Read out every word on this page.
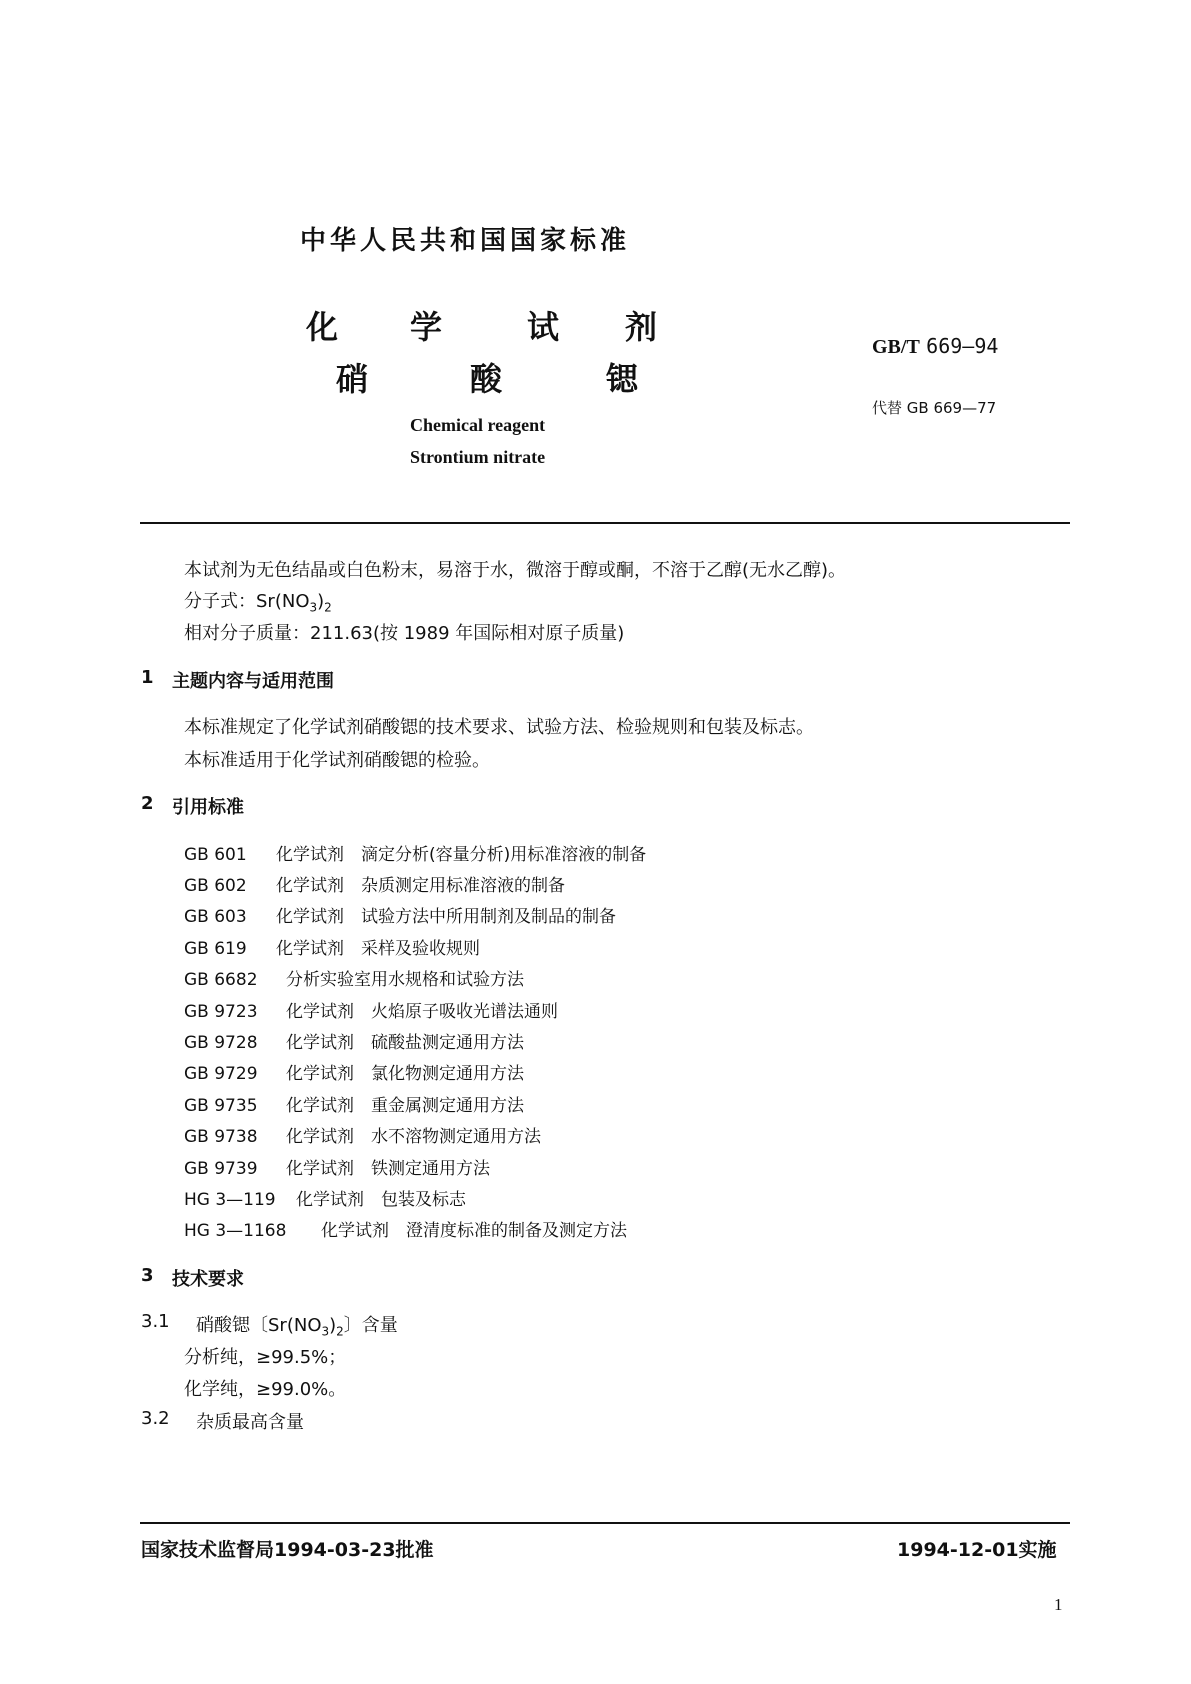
中华人民共和国国家标准
化 学	试 剂
硝	酸	锶
Chemical reagent
Strontium nitrate
GB/T 669—94
代替 GB 669—77
本试剂为无色结晶或白色粉末，易溶于水，微溶于醇或酮，不溶于乙醇(无水乙醇)。
分子式：$Sr(NO_3)_2$
相对分子质量：211.63(按 1989 年国际相对原子质量)
1 主题内容与适用范围
本标准规定了化学试剂硝酸锶的技术要求、试验方法、检验规则和包装及标志。
本标准适用于化学试剂硝酸锶的检验。
2 引用标准
GB 601 化学试剂　滴定分析(容量分析)用标准溶液的制备
GB 602 化学试剂　杂质测定用标准溶液的制备
GB 603 化学试剂　试验方法中所用制剂及制品的制备
GB 619 化学试剂　采样及验收规则
GB 6682 分析实验室用水规格和试验方法
GB 9723 化学试剂　火焰原子吸收光谱法通则
GB 9728 化学试剂　硫酸盐测定通用方法
GB 9729 化学试剂　氯化物测定通用方法
GB 9735 化学试剂　重金属测定通用方法
GB 9738 化学试剂　水不溶物测定通用方法
GB 9739 化学试剂　铁测定通用方法
HG 3—119 化学试剂　包装及标志
HG 3—1168 化学试剂　澄清度标准的制备及测定方法
3 技术要求
3.1 硝酸锶〔$Sr(NO_3)_2$〕含量
分析纯，≥99.5%；
化学纯，≥99.0%。
3.2 杂质最高含量
国家技术监督局1994-03-23批准	1994-12-01实施
1
